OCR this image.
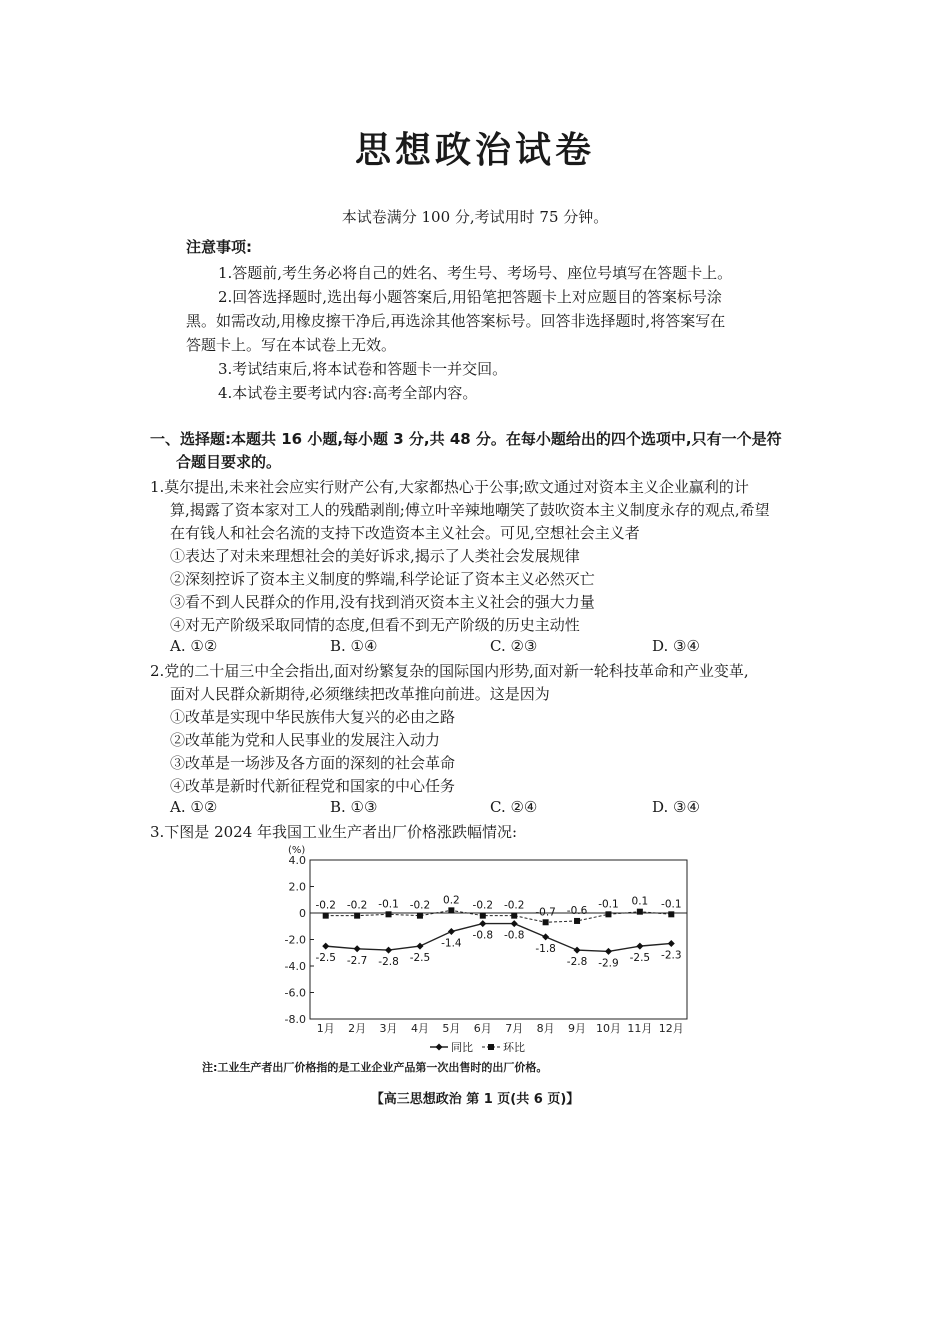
思想政治试卷
本试卷满分 100 分,考试用时 75 分钟。
注意事项:
1.答题前,考生务必将自己的姓名、考生号、考场号、座位号填写在答题卡上。
2.回答选择题时,选出每小题答案后,用铅笔把答题卡上对应题目的答案标号涂
黑。如需改动,用橡皮擦干净后,再选涂其他答案标号。回答非选择题时,将答案写在
答题卡上。写在本试卷上无效。
3.考试结束后,将本试卷和答题卡一并交回。
4.本试卷主要考试内容:高考全部内容。
一、选择题:本题共 16 小题,每小题 3 分,共 48 分。在每小题给出的四个选项中,只有一个是符
合题目要求的。
1.莫尔提出,未来社会应实行财产公有,大家都热心于公事;欧文通过对资本主义企业赢利的计
算,揭露了资本家对工人的残酷剥削;傅立叶辛辣地嘲笑了鼓吹资本主义制度永存的观点,希望
在有钱人和社会名流的支持下改造资本主义社会。可见,空想社会主义者
①表达了对未来理想社会的美好诉求,揭示了人类社会发展规律
②深刻控诉了资本主义制度的弊端,科学论证了资本主义必然灭亡
③看不到人民群众的作用,没有找到消灭资本主义社会的强大力量
④对无产阶级采取同情的态度,但看不到无产阶级的历史主动性
A. ①②	B. ①④	C. ②③	D. ③④
2.党的二十届三中全会指出,面对纷繁复杂的国际国内形势,面对新一轮科技革命和产业变革,
面对人民群众新期待,必须继续把改革推向前进。这是因为
①改革是实现中华民族伟大复兴的必由之路
②改革能为党和人民事业的发展注入动力
③改革是一场涉及各方面的深刻的社会革命
④改革是新时代新征程党和国家的中心任务
A. ①②	B. ①③	C. ②④	D. ③④
3.下图是 2024 年我国工业生产者出厂价格涨跌幅情况:
(%)
4.0
2.0
0
-2.0
-4.0
-6.0
-8.0
1月 2月 3月 4月 5月 6月 7月 8月 9月 10月 11月 12月
-2.5 -2.7 -2.8 -2.5
-1.4
-0.8 -0.8
-1.8
-2.8 -2.9 -2.5 -2.3
-0.2 -0.2 -0.1 -0.2 0.2 -0.2 -0.2
-0.7 -0.6
-0.1 0.1 -0.1
同比	环比
注:工业生产者出厂价格指的是工业企业产品第一次出售时的出厂价格。
【高三思想政治 第 1 页(共 6 页)】
